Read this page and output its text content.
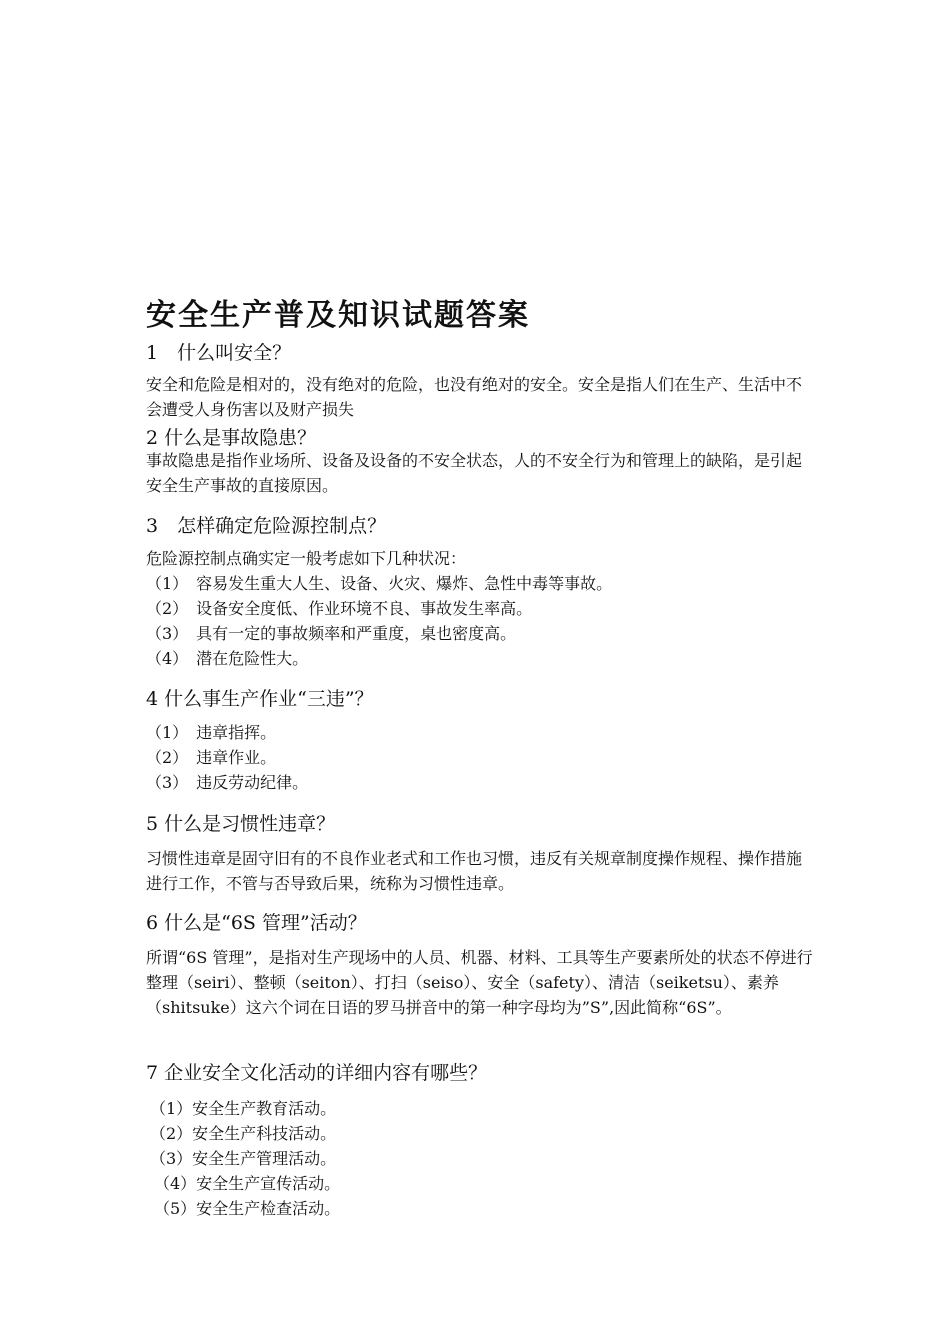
安全生产普及知识试题答案
1　什么叫安全？
安全和危险是相对的，没有绝对的危险，也没有绝对的安全。安全是指人们在生产、生活中不会遭受人身伤害以及财产损失
2 什么是事故隐患？
事故隐患是指作业场所、设备及设备的不安全状态，人的不安全行为和管理上的缺陷，是引起安全生产事故的直接原因。
3　怎样确定危险源控制点？
危险源控制点确实定一般考虑如下几种状况：
（1）　容易发生重大人生、设备、火灾、爆炸、急性中毒等事故。
（2）　设备安全度低、作业环境不良、事故发生率高。
（3）　具有一定的事故频率和严重度，桌也密度高。
（4）　潜在危险性大。
4 什么事生产作业“三违”？
（1）　违章指挥。
（2）　违章作业。
（3）　违反劳动纪律。
5 什么是习惯性违章？
习惯性违章是固守旧有的不良作业老式和工作也习惯，违反有关规章制度操作规程、操作措施进行工作，不管与否导致后果，统称为习惯性违章。
6 什么是“6S 管理”活动？
所谓“6S 管理”，是指对生产现场中的人员、机器、材料、工具等生产要素所处的状态不停进行整理（seiri）、整顿（seiton）、打扫（seiso）、安全（safety）、清洁（seiketsu）、素养（shitsuke）这六个词在日语的罗马拼音中的第一种字母均为”S”,因此简称“6S”。
7 企业安全文化活动的详细内容有哪些？
（1）安全生产教育活动。
（2）安全生产科技活动。
（3）安全生产管理活动。
（4）安全生产宣传活动。
（5）安全生产检查活动。
